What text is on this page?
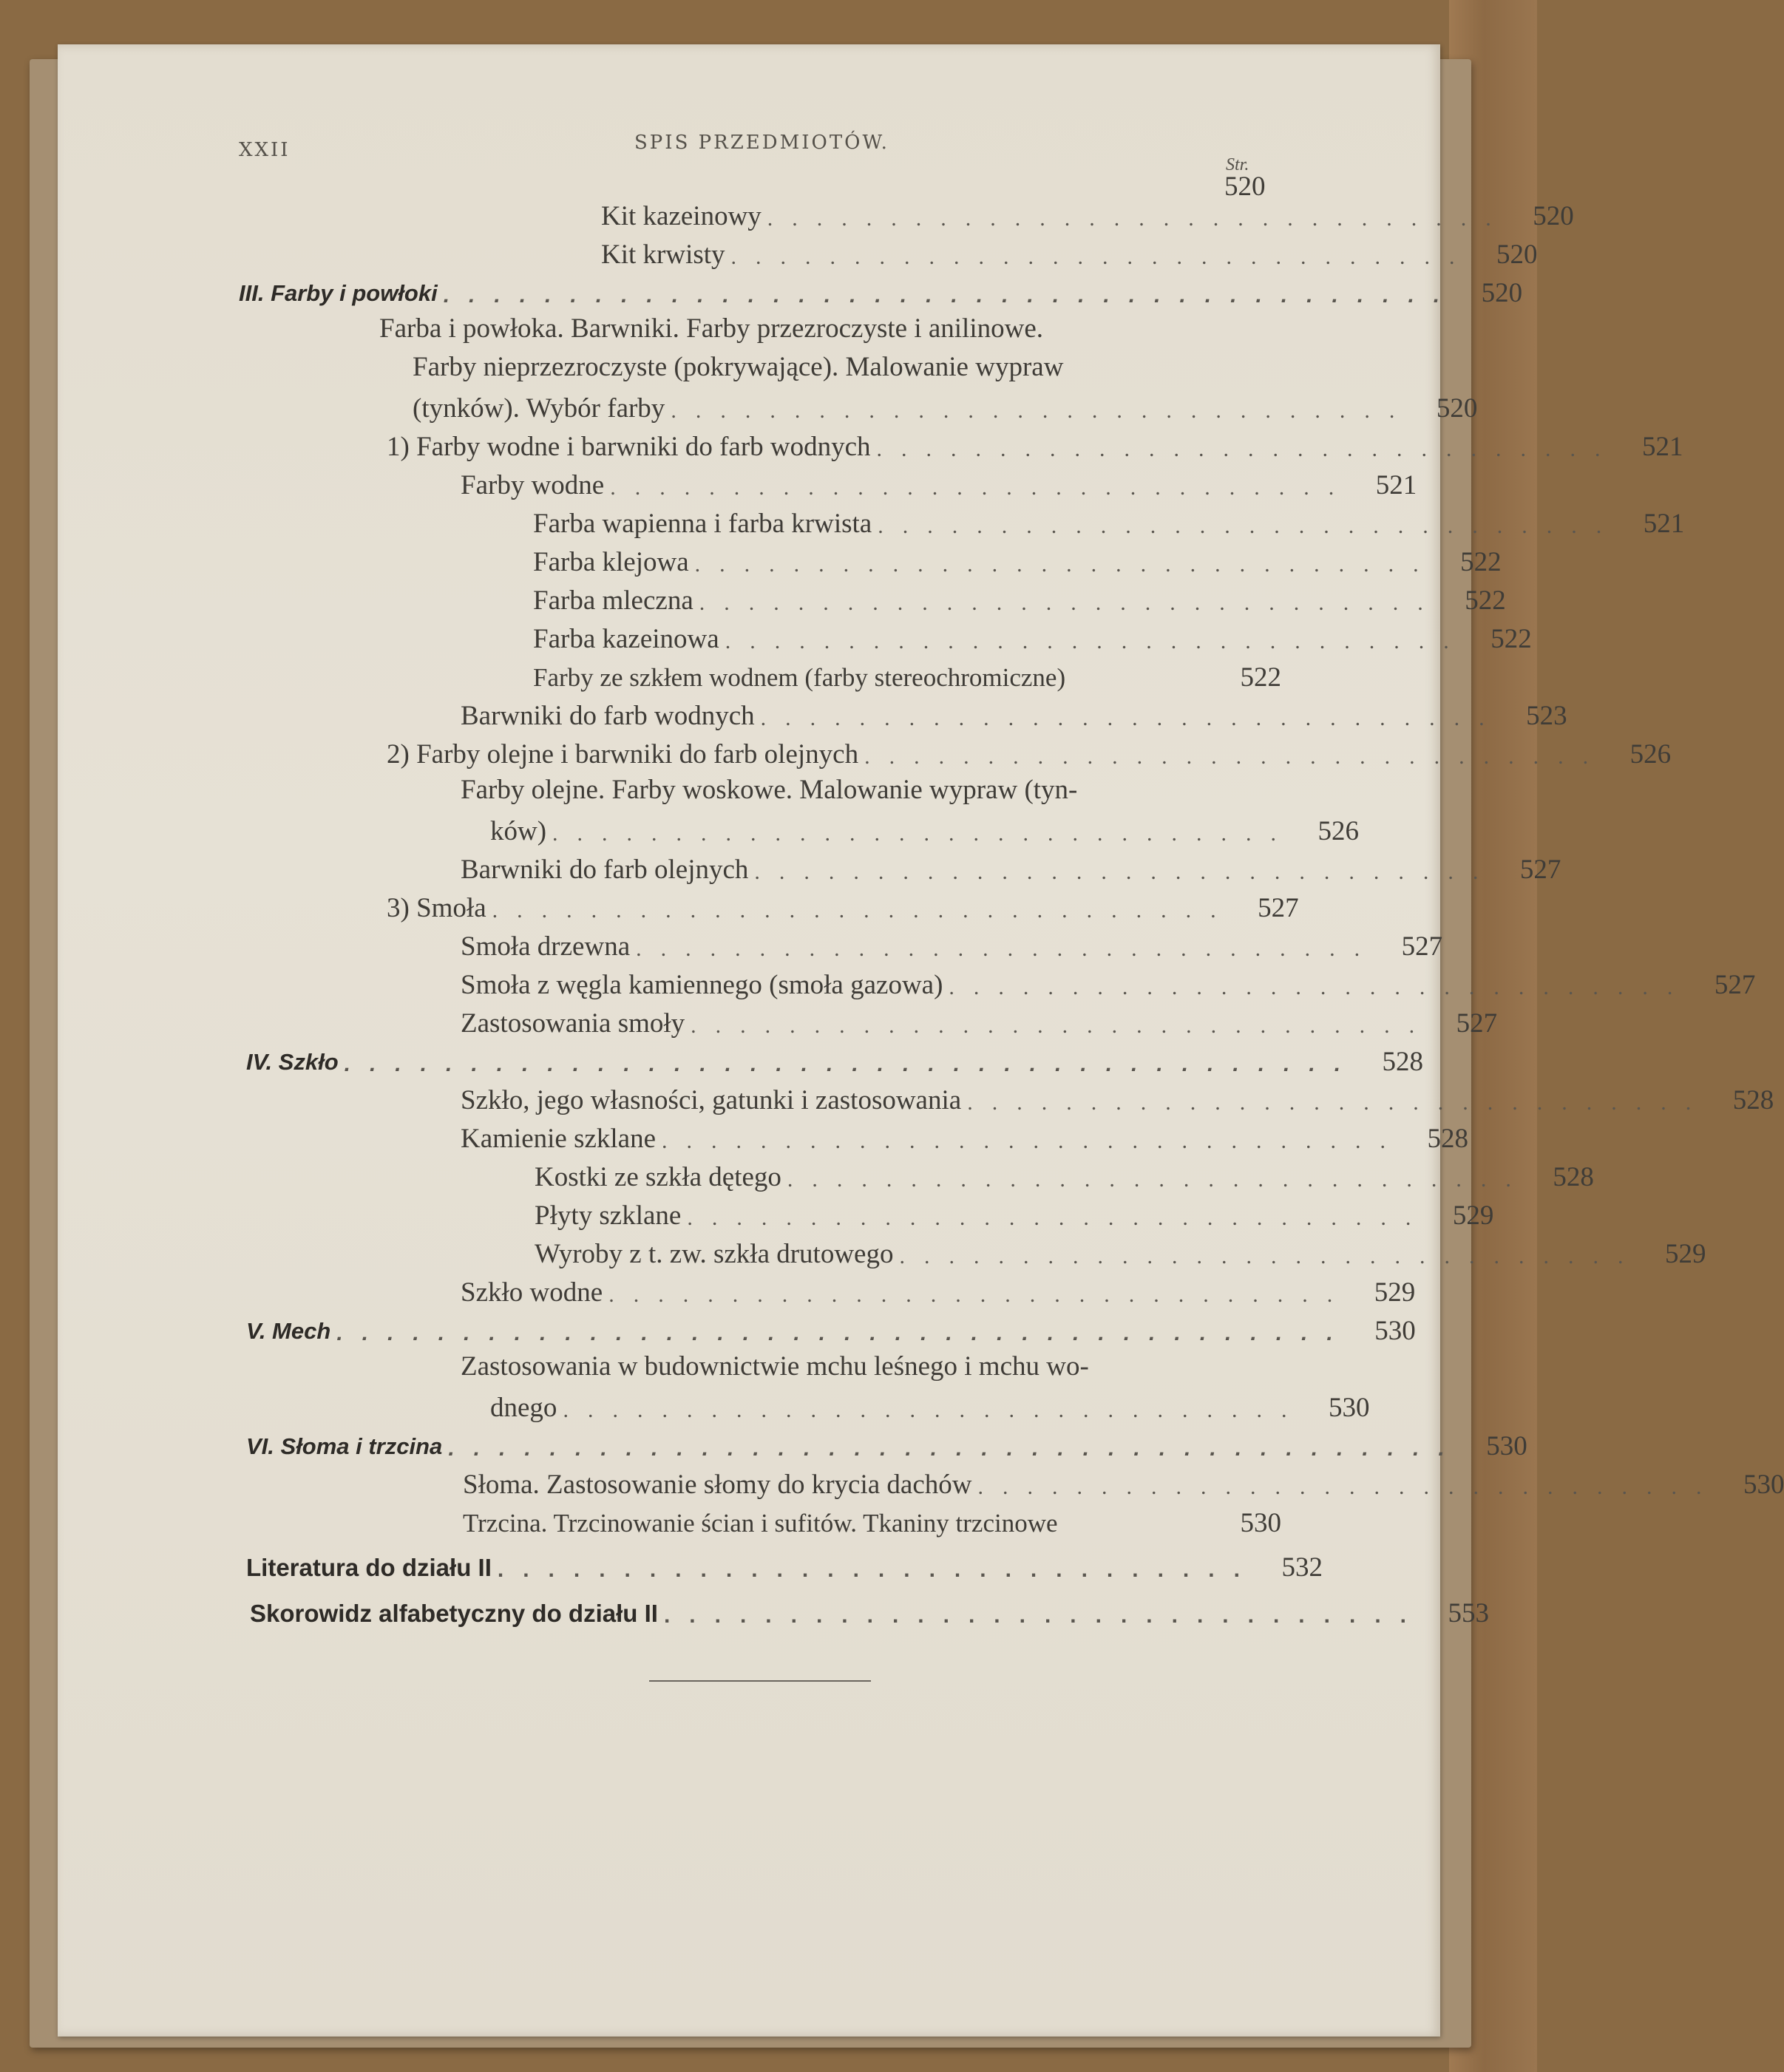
XXII	SPIS PRZEDMIOTÓW.
Str.
520
Kit kazeinowy .............................. 520
Kit krwisty .............................. 520
III. Farby i powłoki ........................................ 520
Farba i powłoka. Barwniki. Farby przezroczyste i anilinowe.
Farby nieprzezroczyste (pokrywające). Malowanie wypraw
(tynków). Wybór farby .............................. 520
1) Farby wodne i barwniki do farb wodnych .............................. 521
Farby wodne .............................. 521
Farba wapienna i farba krwista .............................. 521
Farba klejowa .............................. 522
Farba mleczna .............................. 522
Farba kazeinowa .............................. 522
Farby ze szkłem wodnem (farby stereochromiczne)	522
Barwniki do farb wodnych .............................. 523
2) Farby olejne i barwniki do farb olejnych .............................. 526
Farby olejne. Farby woskowe. Malowanie wypraw (tyn-
ków) .............................. 526
Barwniki do farb olejnych .............................. 527
3) Smoła .............................. 527
Smoła drzewna .............................. 527
Smoła z węgla kamiennego (smoła gazowa) .............................. 527
Zastosowania smoły .............................. 527
IV. Szkło ........................................ 528
Szkło, jego własności, gatunki i zastosowania .............................. 528
Kamienie szklane .............................. 528
Kostki ze szkła dętego .............................. 528
Płyty szklane .............................. 529
Wyroby z t. zw. szkła drutowego .............................. 529
Szkło wodne .............................. 529
V. Mech ........................................ 530
Zastosowania w budownictwie mchu leśnego i mchu wo-
dnego .............................. 530
VI. Słoma i trzcina ........................................ 530
Słoma. Zastosowanie słomy do krycia dachów .............................. 530
Trzcina. Trzcinowanie ścian i sufitów. Tkaniny trzcinowe	530
Literatura do działu II .............................. 532
Skorowidz alfabetyczny do działu II .............................. 553
